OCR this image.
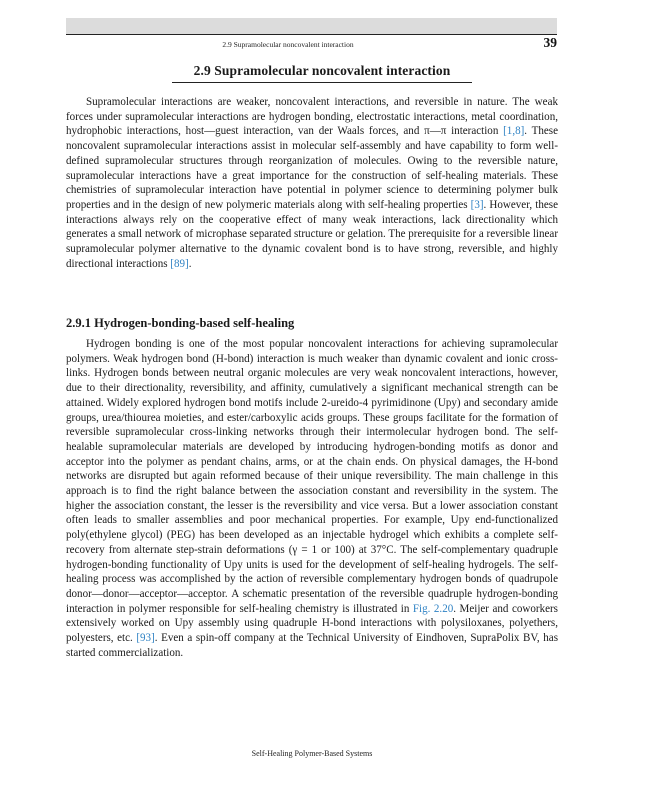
2.9 Supramolecular noncovalent interaction	39
2.9 Supramolecular noncovalent interaction

Supramolecular interactions are weaker, noncovalent interactions, and reversible in nature. The weak forces under supramolecular interactions are hydrogen bonding, electrostatic interactions, metal coordination, hydrophobic interactions, host—guest interaction, van der Waals forces, and π—π interaction [1,8]. These noncovalent supramolecular interactions assist in molecular self-assembly and have capability to form well-defined supramolecular structures through reorganization of molecules. Owing to the reversible nature, supramolecular interactions have a great importance for the construction of self-healing materials. These chemistries of supramolecular interaction have potential in polymer science to determining polymer bulk properties and in the design of new polymeric materials along with self-healing properties [3]. However, these interactions always rely on the cooperative effect of many weak interactions, lack directionality which generates a small network of microphase separated structure or gelation. The prerequisite for a reversible linear supramolecular polymer alternative to the dynamic covalent bond is to have strong, reversible, and highly directional interactions [89].

2.9.1 Hydrogen-bonding-based self-healing

Hydrogen bonding is one of the most popular noncovalent interactions for achieving supramolecular polymers. Weak hydrogen bond (H-bond) interaction is much weaker than dynamic covalent and ionic cross-links. Hydrogen bonds between neutral organic molecules are very weak noncovalent interactions, however, due to their directionality, reversibility, and affinity, cumulatively a significant mechanical strength can be attained. Widely explored hydrogen bond motifs include 2-ureido-4 pyrimidinone (Upy) and secondary amide groups, urea/thiourea moieties, and ester/carboxylic acids groups. These groups facilitate for the formation of reversible supramolecular cross-linking networks through their intermolecular hydrogen bond. The self-healable supramolecular materials are developed by introducing hydrogen-bonding motifs as donor and acceptor into the polymer as pendant chains, arms, or at the chain ends. On physical damages, the H-bond networks are disrupted but again reformed because of their unique reversibility. The main challenge in this approach is to find the right balance between the association constant and reversibility in the system. The higher the association constant, the lesser is the reversibility and vice versa. But a lower association constant often leads to smaller assemblies and poor mechanical properties. For example, Upy end-functionalized poly(ethylene glycol) (PEG) has been developed as an injectable hydrogel which exhibits a complete self-recovery from alternate step-strain deformations (γ = 1 or 100) at 37°C. The self-complementary quadruple hydrogen-bonding functionality of Upy units is used for the development of self-healing hydrogels. The self-healing process was accomplished by the action of reversible complementary hydrogen bonds of quadrupole donor—donor—acceptor—acceptor. A schematic presentation of the reversible quadruple hydrogen-bonding interaction in polymer responsible for self-healing chemistry is illustrated in Fig. 2.20. Meijer and coworkers extensively worked on Upy assembly using quadruple H-bond interactions with polysiloxanes, polyethers, polyesters, etc. [93]. Even a spin-off company at the Technical University of Eindhoven, SupraPolix BV, has started commercialization.

Self-Healing Polymer-Based Systems
